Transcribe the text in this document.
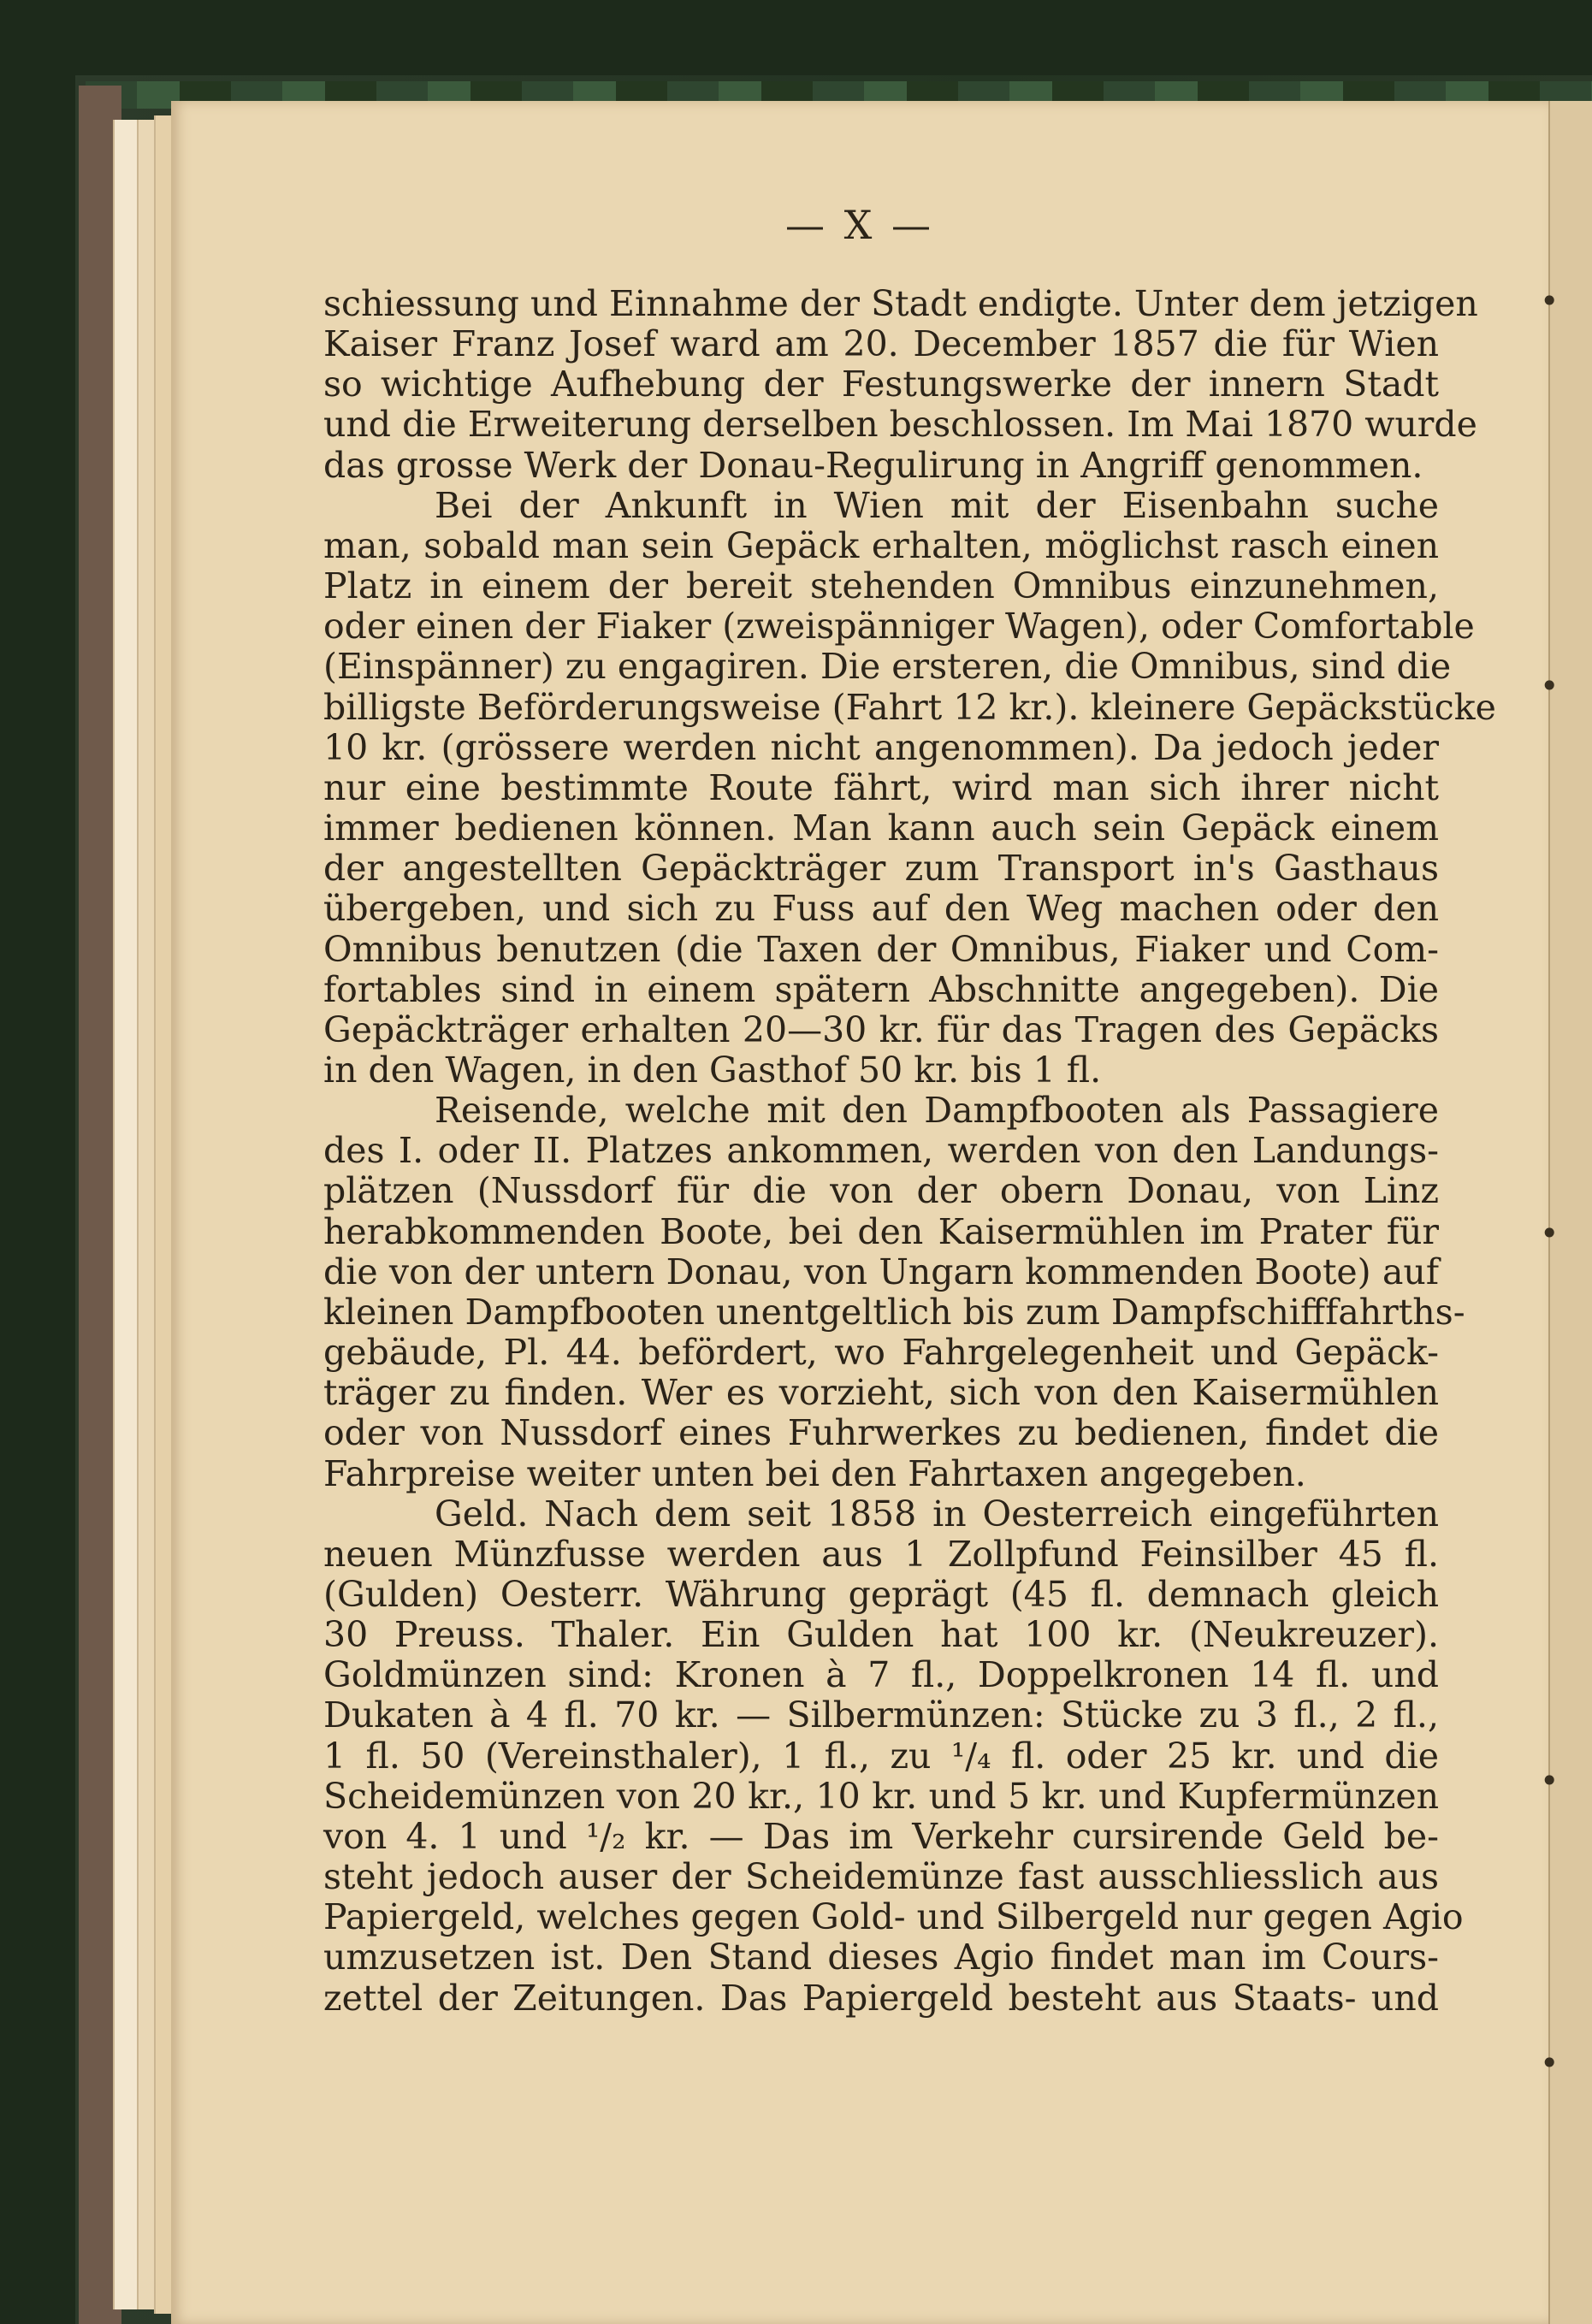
— X —
schiessung und Einnahme der Stadt endigte. Unter dem jetzigen
Kaiser Franz Josef ward am 20. December 1857 die für Wien
so wichtige Aufhebung der Festungswerke der innern Stadt
und die Erweiterung derselben beschlossen. Im Mai 1870 wurde
das grosse Werk der Donau-Regulirung in Angriff genommen.
Bei der Ankunft in Wien mit der Eisenbahn suche
man, sobald man sein Gepäck erhalten, möglichst rasch einen
Platz in einem der bereit stehenden Omnibus einzunehmen,
oder einen der Fiaker (zweispänniger Wagen), oder Comfortable
(Einspänner) zu engagiren. Die ersteren, die Omnibus, sind die
billigste Beförderungsweise (Fahrt 12 kr.). kleinere Gepäckstücke
10 kr. (grössere werden nicht angenommen). Da jedoch jeder
nur eine bestimmte Route fährt, wird man sich ihrer nicht
immer bedienen können. Man kann auch sein Gepäck einem
der angestellten Gepäckträger zum Transport in's Gasthaus
übergeben, und sich zu Fuss auf den Weg machen oder den
Omnibus benutzen (die Taxen der Omnibus, Fiaker und Com-
fortables sind in einem spätern Abschnitte angegeben). Die
Gepäckträger erhalten 20—30 kr. für das Tragen des Gepäcks
in den Wagen, in den Gasthof 50 kr. bis 1 fl.
Reisende, welche mit den Dampfbooten als Passagiere
des I. oder II. Platzes ankommen, werden von den Landungs-
plätzen (Nussdorf für die von der obern Donau, von Linz
herabkommenden Boote, bei den Kaisermühlen im Prater für
die von der untern Donau, von Ungarn kommenden Boote) auf
kleinen Dampfbooten unentgeltlich bis zum Dampfschifffahrths-
gebäude, Pl. 44. befördert, wo Fahrgelegenheit und Gepäck-
träger zu finden. Wer es vorzieht, sich von den Kaisermühlen
oder von Nussdorf eines Fuhrwerkes zu bedienen, findet die
Fahrpreise weiter unten bei den Fahrtaxen angegeben.
Geld. Nach dem seit 1858 in Oesterreich eingeführten
neuen Münzfusse werden aus 1 Zollpfund Feinsilber 45 fl.
(Gulden) Oesterr. Währung geprägt (45 fl. demnach gleich
30 Preuss. Thaler. Ein Gulden hat 100 kr. (Neukreuzer).
Goldmünzen sind: Kronen à 7 fl., Doppelkronen 14 fl. und
Dukaten à 4 fl. 70 kr. — Silbermünzen: Stücke zu 3 fl., 2 fl.,
1 fl. 50 (Vereinsthaler), 1 fl., zu ¹/₄ fl. oder 25 kr. und die
Scheidemünzen von 20 kr., 10 kr. und 5 kr. und Kupfermünzen
von 4. 1 und ¹/₂ kr. — Das im Verkehr cursirende Geld be-
steht jedoch auser der Scheidemünze fast ausschliesslich aus
Papiergeld, welches gegen Gold- und Silbergeld nur gegen Agio
umzusetzen ist. Den Stand dieses Agio findet man im Cours-
zettel der Zeitungen. Das Papiergeld besteht aus Staats- und
•
•
•
•
•
